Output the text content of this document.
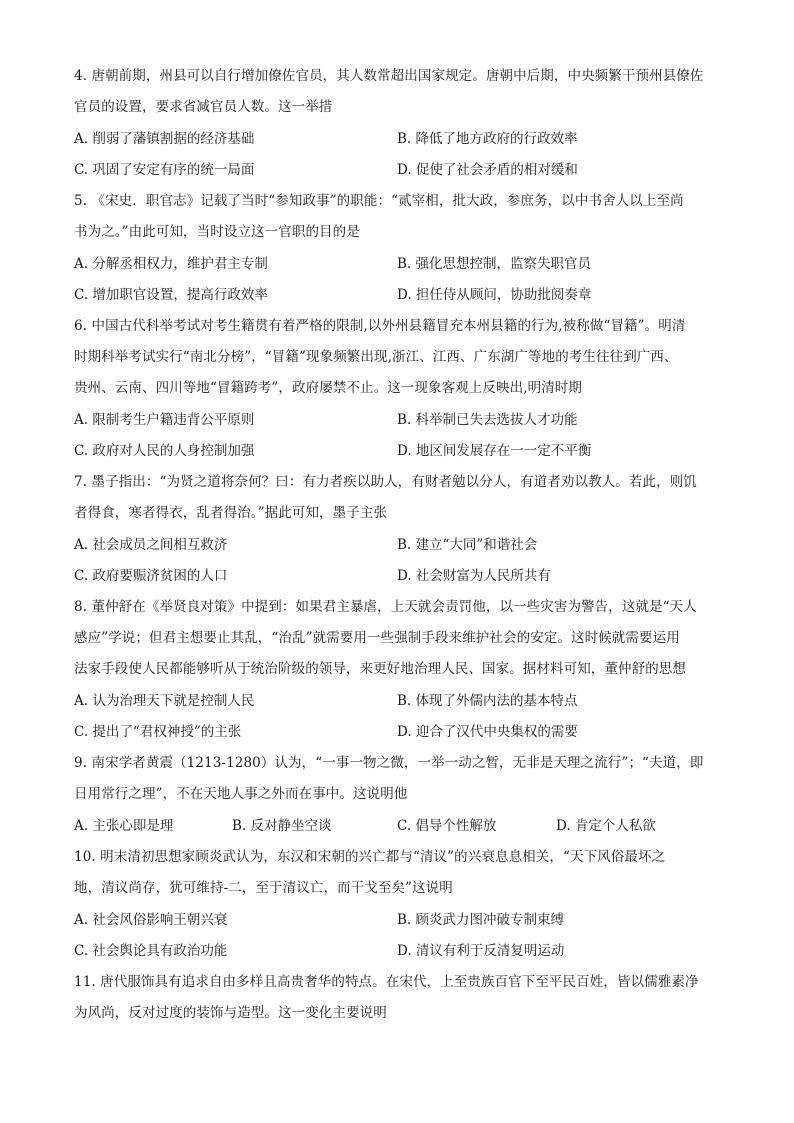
4. 唐朝前期，州县可以自行增加僚佐官员，其人数常超出国家规定。唐朝中后期，中央频繁干预州县僚佐
官员的设置，要求省减官员人数。这一举措
A. 削弱了藩镇割据的经济基础	B. 降低了地方政府的行政效率
C. 巩固了安定有序的统一局面	D. 促使了社会矛盾的相对缓和
5. 《宋史．职官志》记载了当时“参知政事”的职能：“贰宰相，批大政，参庶务，以中书舍人以上至尚
书为之。”由此可知，当时设立这一官职的目的是
A. 分解丞相权力，维护君主专制	B. 强化思想控制，监察失职官员
C. 增加职官设置，提高行政效率	D. 担任侍从顾问，协助批阅奏章
6. 中国古代科举考试对考生籍贯有着严格的限制,以外州县籍冒充本州县籍的行为,被称做“冒籍”。明清
时期科举考试实行“南北分榜”，“冒籍”现象频繁出现,浙江、江西、广东湖广等地的考生往往到广西、
贵州、云南、四川等地“冒籍跨考”，政府屡禁不止。这一现象客观上反映出,明清时期
A. 限制考生户籍违背公平原则	B. 科举制已失去选拔人才功能
C. 政府对人民的人身控制加强	D. 地区间发展存在一一定不平衡
7. 墨子指出：“为贤之道将奈何？曰：有力者疾以助人，有财者勉以分人，有道者劝以教人。若此，则饥
者得食，寒者得衣，乱者得治。”据此可知，墨子主张
A. 社会成员之间相互救济	B. 建立“大同”和谐社会
C. 政府要赈济贫困的人口	D. 社会财富为人民所共有
8. 董仲舒在《举贤良对策》中提到：如果君主暴虐，上天就会责罚他，以一些灾害为警告，这就是“天人
感应”学说；但君主想要止其乱，“治乱”就需要用一些强制手段来维护社会的安定。这时候就需要运用
法家手段使人民都能够听从于统治阶级的领导，来更好地治理人民、国家。据材料可知，董仲舒的思想
A. 认为治理天下就是控制人民	B. 体现了外儒内法的基本特点
C. 提出了“君权神授”的主张	D. 迎合了汉代中央集权的需要
9. 南宋学者黄震（1213-1280）认为，“一事一物之微，一举一动之暂，无非是天理之流行”；“夫道，即
日用常行之理”，不在天地人事之外而在事中。这说明他
A. 主张心即是理	B. 反对静坐空谈	C. 倡导个性解放	D. 肯定个人私欲
10. 明末清初思想家顾炎武认为，东汉和宋朝的兴亡都与“清议”的兴衰息息相关，“天下风俗最坏之
地，清议尚存，犹可维持-二，至于清议亡，而干戈至矣”这说明
A. 社会风俗影响王朝兴衰	B. 顾炎武力图冲破专制束缚
C. 社会舆论具有政治功能	D. 清议有利于反清复明运动
11. 唐代服饰具有追求自由多样且高贵奢华的特点。在宋代，上至贵族百官下至平民百姓，皆以儒雅素净
为风尚，反对过度的装饰与造型。这一变化主要说明
